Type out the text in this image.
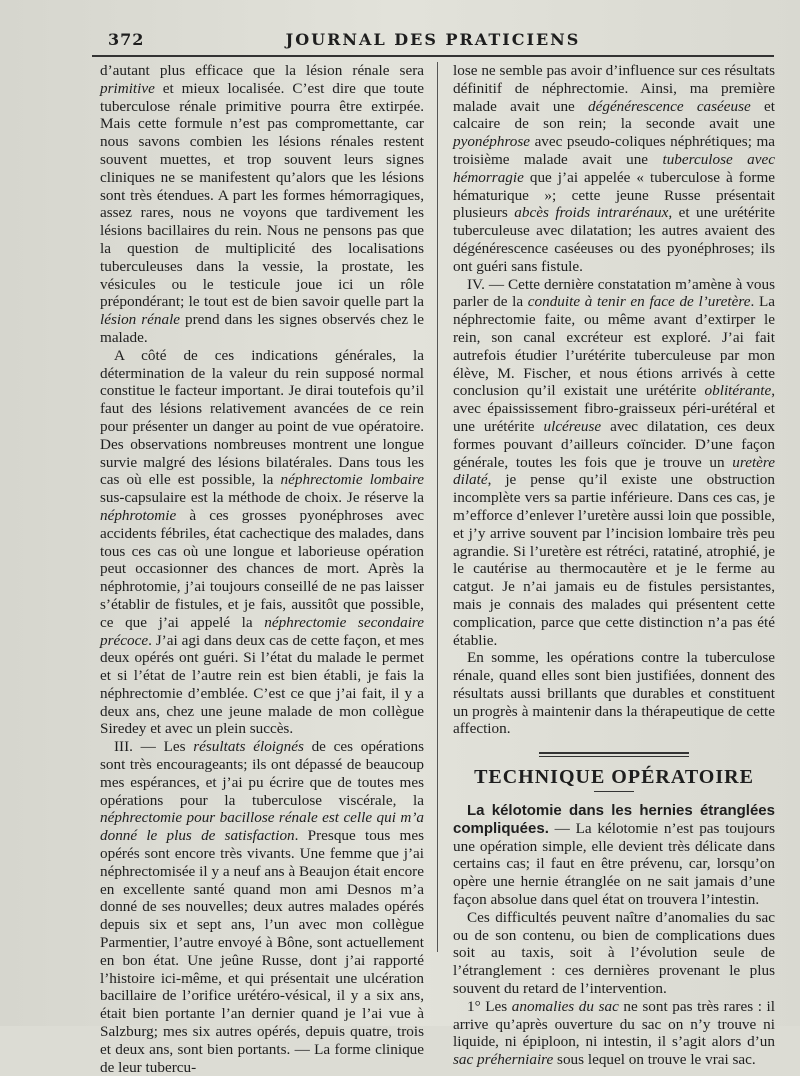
372	JOURNAL DES PRATICIENS

d’autant plus efficace que la lésion rénale sera primitive et mieux localisée. C’est dire que toute tuberculose rénale primitive pourra être extirpée. Mais cette formule n’est pas compromettante, car nous savons combien les lésions rénales restent souvent muettes, et trop souvent leurs signes cliniques ne se manifestent qu’alors que les lésions sont très étendues. A part les formes hémorragiques, assez rares, nous ne voyons que tardivement les lésions bacillaires du rein. Nous ne pensons pas que la question de multiplicité des localisations tuberculeuses dans la vessie, la prostate, les vésicules ou le testicule joue ici un rôle prépondérant; le tout est de bien savoir quelle part la lésion rénale prend dans les signes observés chez le malade.

A côté de ces indications générales, la détermination de la valeur du rein supposé normal constitue le facteur important. Je dirai toutefois qu’il faut des lésions relativement avancées de ce rein pour présenter un danger au point de vue opératoire. Des observations nombreuses montrent une longue survie malgré des lésions bilatérales. Dans tous les cas où elle est possible, la néphrectomie lombaire sus-capsulaire est la méthode de choix. Je réserve la néphrotomie à ces grosses pyonéphroses avec accidents fébriles, état cachectique des malades, dans tous ces cas où une longue et laborieuse opération peut occasionner des chances de mort. Après la néphrotomie, j’ai toujours conseillé de ne pas laisser s’établir de fistules, et je fais, aussitôt que possible, ce que j’ai appelé la néphrectomie secondaire précoce. J’ai agi dans deux cas de cette façon, et mes deux opérés ont guéri. Si l’état du malade le permet et si l’état de l’autre rein est bien établi, je fais la néphrectomie d’emblée. C’est ce que j’ai fait, il y a deux ans, chez une jeune malade de mon collègue Siredey et avec un plein succès.

III. — Les résultats éloignés de ces opérations sont très encourageants; ils ont dépassé de beaucoup mes espérances, et j’ai pu écrire que de toutes mes opérations pour la tuberculose viscérale, la néphrectomie pour bacillose rénale est celle qui m’a donné le plus de satisfaction. Presque tous mes opérés sont encore très vivants. Une femme que j’ai néphrectomisée il y a neuf ans à Beaujon était encore en excellente santé quand mon ami Desnos m’a donné de ses nouvelles; deux autres malades opérés depuis six et sept ans, l’un avec mon collègue Parmentier, l’autre envoyé à Bône, sont actuellement en bon état. Une jeûne Russe, dont j’ai rapporté l’histoire ici-même, et qui présentait une ulcération bacillaire de l’orifice urétéro-vésical, il y a six ans, était bien portante l’an dernier quand je l’ai vue à Salzburg; mes six autres opérés, depuis quatre, trois et deux ans, sont bien portants. — La forme clinique de leur tubercu-

lose ne semble pas avoir d’influence sur ces résultats définitif de néphrectomie. Ainsi, ma première malade avait une dégénérescence caséeuse et calcaire de son rein; la seconde avait une pyonéphrose avec pseudo-coliques néphrétiques; ma troisième malade avait une tuberculose avec hémorragie que j’ai appelée « tuberculose à forme hématurique »; cette jeune Russe présentait plusieurs abcès froids intrarénaux, et une urétérite tuberculeuse avec dilatation; les autres avaient des dégénérescence caséeuses ou des pyonéphroses; ils ont guéri sans fistule.

IV. — Cette dernière constatation m’amène à vous parler de la conduite à tenir en face de l’uretère. La néphrectomie faite, ou même avant d’extirper le rein, son canal excréteur est exploré. J’ai fait autrefois étudier l’urétérite tuberculeuse par mon élève, M. Fischer, et nous étions arrivés à cette conclusion qu’il existait une urétérite oblitérante, avec épaississement fibro-graisseux péri-urétéral et une urétérite ulcéreuse avec dilatation, ces deux formes pouvant d’ailleurs coïncider. D’une façon générale, toutes les fois que je trouve un uretère dilaté, je pense qu’il existe une obstruction incomplète vers sa partie inférieure. Dans ces cas, je m’efforce d’enlever l’uretère aussi loin que possible, et j’y arrive souvent par l’incision lombaire très peu agrandie. Si l’uretère est rétréci, ratatiné, atrophié, je le cautérise au thermocautère et je le ferme au catgut. Je n’ai jamais eu de fistules persistantes, mais je connais des malades qui présentent cette complication, parce que cette distinction n’a pas été établie.

En somme, les opérations contre la tuberculose rénale, quand elles sont bien justifiées, donnent des résultats aussi brillants que durables et constituent un progrès à maintenir dans la thérapeutique de cette affection.

TECHNIQUE OPÉRATOIRE

La kélotomie dans les hernies étranglées compliquées. — La kélotomie n’est pas toujours une opération simple, elle devient très délicate dans certains cas; il faut en être prévenu, car, lorsqu’on opère une hernie étranglée on ne sait jamais d’une façon absolue dans quel état on trouvera l’intestin.

Ces difficultés peuvent naître d’anomalies du sac ou de son contenu, ou bien de complications dues soit au taxis, soit à l’évolution seule de l’étranglement : ces dernières provenant le plus souvent du retard de l’intervention.

1° Les anomalies du sac ne sont pas très rares : il arrive qu’après ouverture du sac on n’y trouve ni liquide, ni épiploon, ni intestin, il s’agit alors d’un sac préherniaire sous lequel on trouve le vrai sac.
